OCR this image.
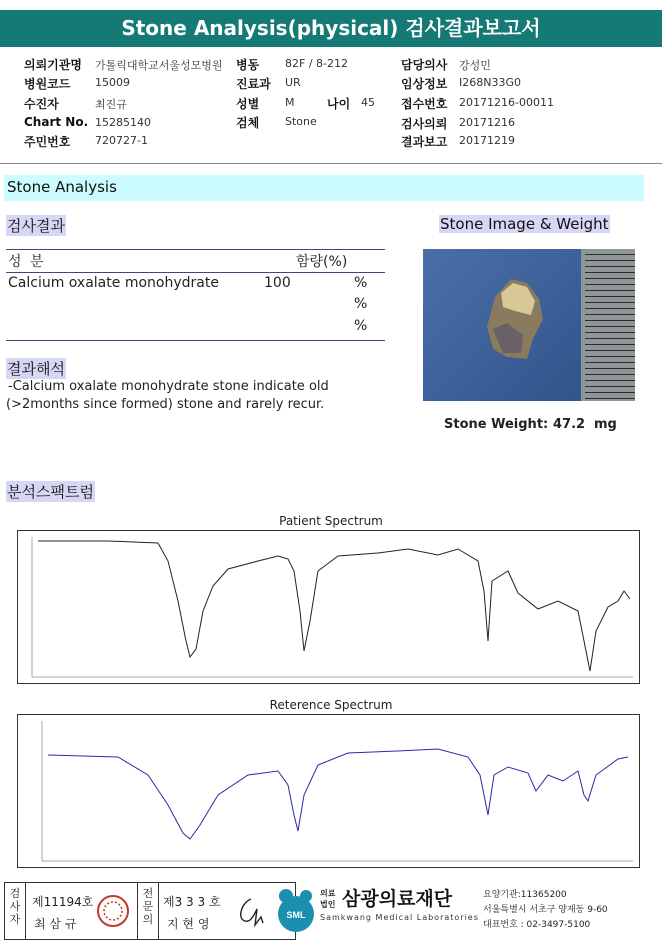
Stone Analysis(physical) 검사결과보고서
의뢰기관명 가톨릭대학교서울성모병원 병동 82F / 8-212	담당의사 강성민
병원코드 15009	진료과 UR	임상정보 I268N33G0
수진자	최진규	성별 M	나이 45 접수번호 20171216-00011
Chart No. 15285140	검체 Stone	검사의뢰 20171216
주민번호 720727-1	결과보고 20171219
Stone Analysis
검사결과
성 분	함량(%)
Calcium oxalate monohydrate	100	%
%
%
결과해석
-Calcium oxalate monohydrate stone indicate old
(>2months since formed) stone and rarely recur.
Stone Image & Weight
Stone Weight: 47.2 mg
분석스팩트럼
Patient Spectrum
Reterence Spectrum
검사자
제11194호
최 삼 규
전문의
제3 3 3 호
지 현 영
SML
의료
법인 삼광의료재단
Samkwang Medical Laboratories
요양기관:11365200
서울특별시 서초구 양재동 9-60
대표번호 : 02-3497-5100
